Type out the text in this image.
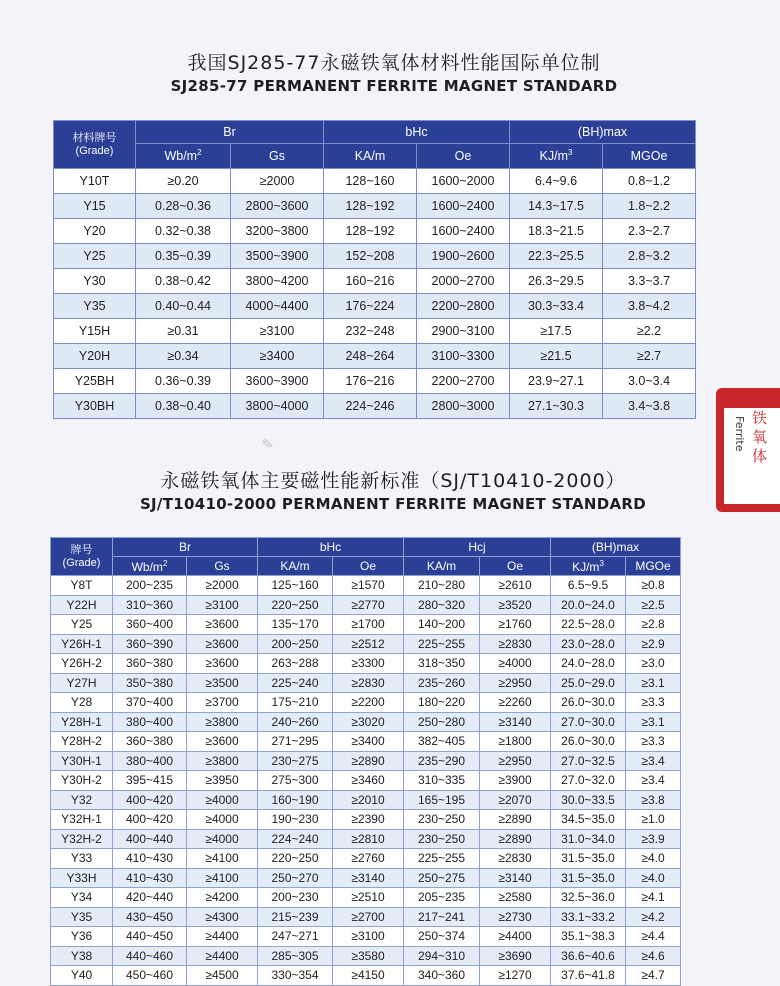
我国SJ285-77永磁铁氧体材料性能国际单位制
SJ285-77 PERMANENT FERRITE MAGNET STANDARD
材料牌号
(Grade)	Br		bHc		(BH)max	
	$Wb/m^2$	Gs	KA/m	Oe	$KJ/m^3$	MGOe
Y10T	≥0.20	≥2000	128~160	1600~2000	6.4~9.6	0.8~1.2
Y15	0.28~0.36	2800~3600	128~192	1600~2400	14.3~17.5	1.8~2.2
Y20	0.32~0.38	3200~3800	128~192	1600~2400	18.3~21.5	2.3~2.7
Y25	0.35~0.39	3500~3900	152~208	1900~2600	22.3~25.5	2.8~3.2
Y30	0.38~0.42	3800~4200	160~216	2000~2700	26.3~29.5	3.3~3.7
Y35	0.40~0.44	4000~4400	176~224	2200~2800	30.3~33.4	3.8~4.2
Y15H	≥0.31	≥3100	232~248	2900~3100	≥17.5	≥2.2
Y20H	≥0.34	≥3400	248~264	3100~3300	≥21.5	≥2.7
Y25BH	0.36~0.39	3600~3900	176~216	2200~2700	23.9~27.1	3.0~3.4
Y30BH	0.38~0.40	3800~4000	224~246	2800~3000	27.1~30.3	3.4~3.8
✎
永磁铁氧体主要磁性能新标准（SJ/T10410-2000）
SJ/T10410-2000 PERMANENT FERRITE MAGNET STANDARD
牌号
(Grade)	Br		bHc		Hcj		(BH)max	
	$Wb/m^2$	Gs	KA/m	Oe	KA/m	Oe	$KJ/m^3$	MGOe
Y8T	200~235	≥2000	125~160	≥1570	210~280	≥2610	6.5~9.5	≥0.8
Y22H	310~360	≥3100	220~250	≥2770	280~320	≥3520	20.0~24.0	≥2.5
Y25	360~400	≥3600	135~170	≥1700	140~200	≥1760	22.5~28.0	≥2.8
Y26H-1	360~390	≥3600	200~250	≥2512	225~255	≥2830	23.0~28.0	≥2.9
Y26H-2	360~380	≥3600	263~288	≥3300	318~350	≥4000	24.0~28.0	≥3.0
Y27H	350~380	≥3500	225~240	≥2830	235~260	≥2950	25.0~29.0	≥3.1
Y28	370~400	≥3700	175~210	≥2200	180~220	≥2260	26.0~30.0	≥3.3
Y28H-1	380~400	≥3800	240~260	≥3020	250~280	≥3140	27.0~30.0	≥3.1
Y28H-2	360~380	≥3600	271~295	≥3400	382~405	≥1800	26.0~30.0	≥3.3
Y30H-1	380~400	≥3800	230~275	≥2890	235~290	≥2950	27.0~32.5	≥3.4
Y30H-2	395~415	≥3950	275~300	≥3460	310~335	≥3900	27.0~32.0	≥3.4
Y32	400~420	≥4000	160~190	≥2010	165~195	≥2070	30.0~33.5	≥3.8
Y32H-1	400~420	≥4000	190~230	≥2390	230~250	≥2890	34.5~35.0	≥1.0
Y32H-2	400~440	≥4000	224~240	≥2810	230~250	≥2890	31.0~34.0	≥3.9
Y33	410~430	≥4100	220~250	≥2760	225~255	≥2830	31.5~35.0	≥4.0
Y33H	410~430	≥4100	250~270	≥3140	250~275	≥3140	31.5~35.0	≥4.0
Y34	420~440	≥4200	200~230	≥2510	205~235	≥2580	32.5~36.0	≥4.1
Y35	430~450	≥4300	215~239	≥2700	217~241	≥2730	33.1~33.2	≥4.2
Y36	440~450	≥4400	247~271	≥3100	250~374	≥4400	35.1~38.3	≥4.4
Y38	440~460	≥4400	285~305	≥3580	294~310	≥3690	36.6~40.6	≥4.6
Y40	450~460	≥4500	330~354	≥4150	340~360	≥1270	37.6~41.8	≥4.7
Ferrite 铁氧体
